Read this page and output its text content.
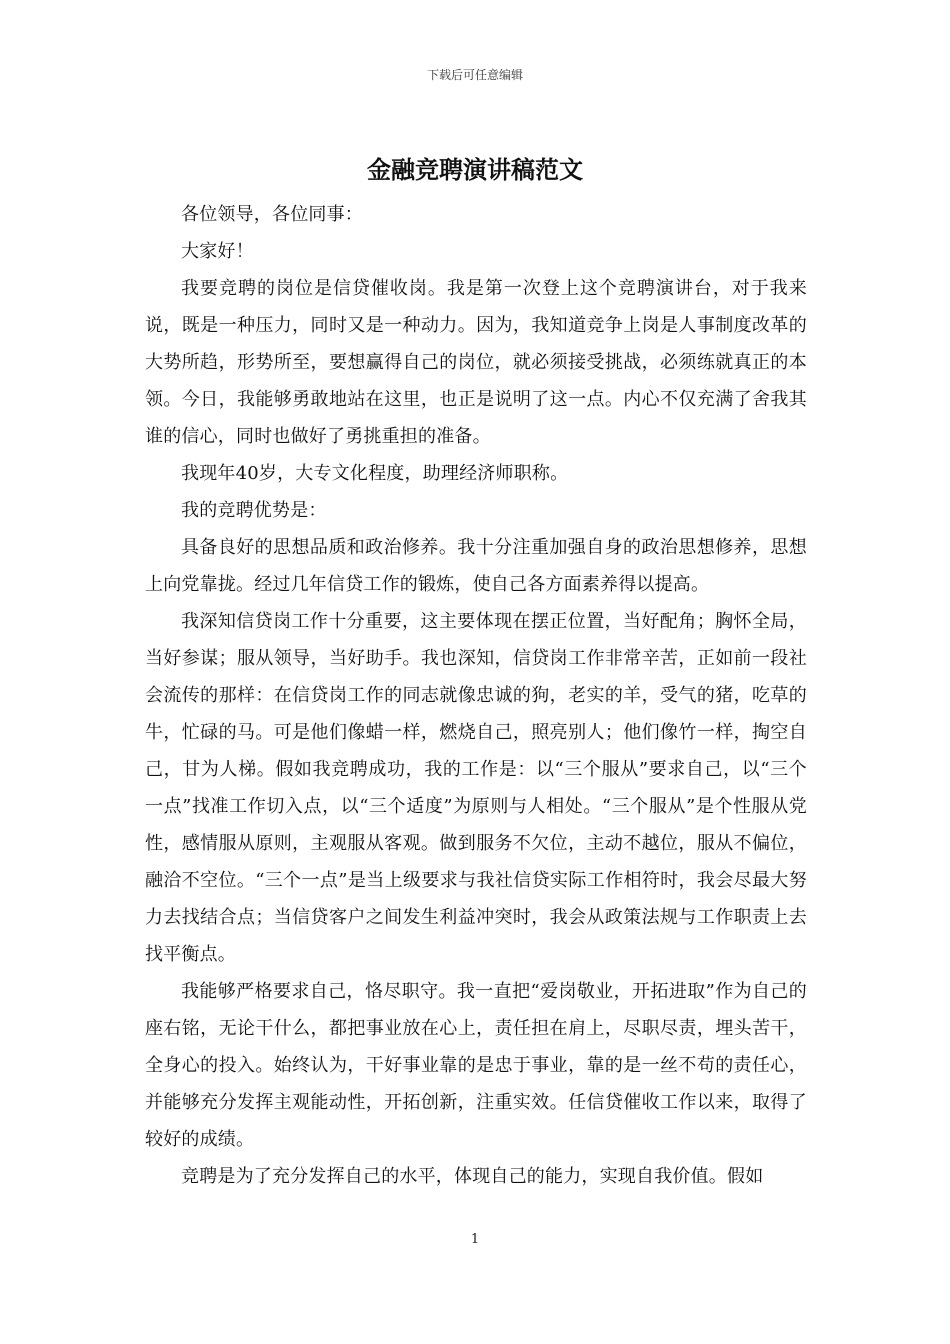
下载后可任意编辑
金融竞聘演讲稿范文

各位领导，各位同事：

大家好！

我要竞聘的岗位是信贷催收岗。我是第一次登上这个竞聘演讲台，对于我来说，既是一种压力，同时又是一种动力。因为，我知道竞争上岗是人事制度改革的大势所趋，形势所至，要想赢得自己的岗位，就必须接受挑战，必须练就真正的本领。今日，我能够勇敢地站在这里，也正是说明了这一点。内心不仅充满了舍我其谁的信心，同时也做好了勇挑重担的准备。

我现年40岁，大专文化程度，助理经济师职称。

我的竞聘优势是：

具备良好的思想品质和政治修养。我十分注重加强自身的政治思想修养，思想上向党靠拢。经过几年信贷工作的锻炼，使自己各方面素养得以提高。

我深知信贷岗工作十分重要，这主要体现在摆正位置，当好配角；胸怀全局，当好参谋；服从领导，当好助手。我也深知，信贷岗工作非常辛苦，正如前一段社会流传的那样：在信贷岗工作的同志就像忠诚的狗，老实的羊，受气的猪，吃草的牛，忙碌的马。可是他们像蜡一样，燃烧自己，照亮别人；他们像竹一样，掏空自己，甘为人梯。假如我竞聘成功，我的工作是：以“三个服从”要求自己，以“三个一点”找准工作切入点，以“三个适度”为原则与人相处。“三个服从”是个性服从党性，感情服从原则，主观服从客观。做到服务不欠位，主动不越位，服从不偏位，融洽不空位。“三个一点”是当上级要求与我社信贷实际工作相符时，我会尽最大努力去找结合点；当信贷客户之间发生利益冲突时，我会从政策法规与工作职责上去找平衡点。

我能够严格要求自己，恪尽职守。我一直把“爱岗敬业，开拓进取”作为自己的座右铭，无论干什么，都把事业放在心上，责任担在肩上，尽职尽责，埋头苦干，全身心的投入。始终认为，干好事业靠的是忠于事业，靠的是一丝不苟的责任心，并能够充分发挥主观能动性，开拓创新，注重实效。任信贷催收工作以来，取得了较好的成绩。

竞聘是为了充分发挥自己的水平，体现自己的能力，实现自我价值。假如

1
